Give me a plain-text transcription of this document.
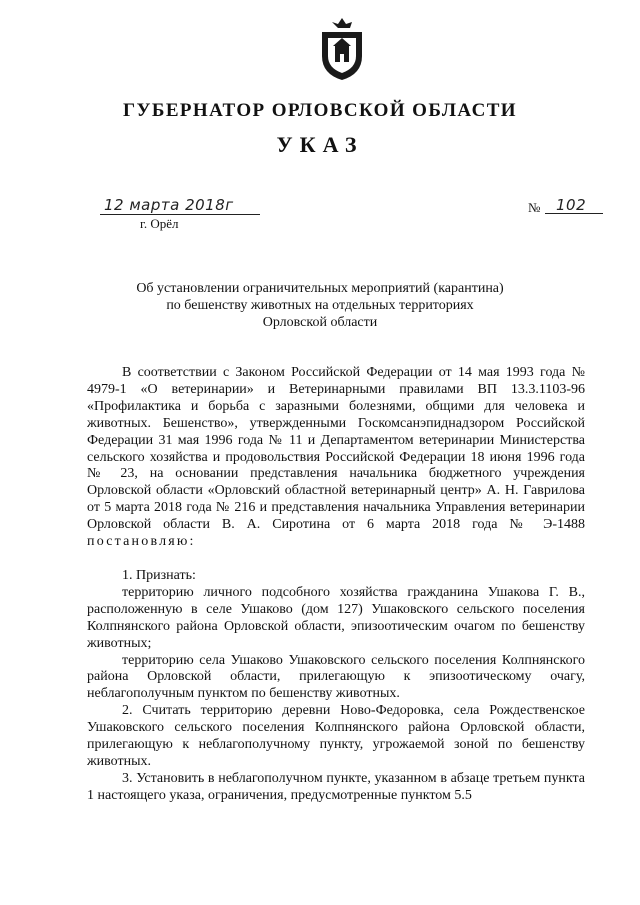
ГУБЕРНАТОР ОРЛОВСКОЙ ОБЛАСТИ
УКАЗ
12 марта 2018г
г. Орёл
№ 102
Об установлении ограничительных мероприятий (карантина)
по бешенству животных на отдельных территориях
Орловской области

В соответствии с Законом Российской Федерации от 14 мая 1993 года № 4979-1 «О ветеринарии» и Ветеринарными правилами ВП 13.3.1103-96 «Профилактика и борьба с заразными болезнями, общими для человека и животных. Бешенство», утвержденными Госкомсанэпиднадзором Российской Федерации 31 мая 1996 года № 11 и Департаментом ветеринарии Министерства сельского хозяйства и продовольствия Российской Федерации 18 июня 1996 года № 23, на основании представления начальника бюджетного учреждения Орловской области «Орловский областной ветеринарный центр» А. Н. Гаврилова от 5 марта 2018 года № 216 и представления начальника Управления ветеринарии Орловской области В. А. Сиротина от 6 марта 2018 года № Э-1488 постановляю:

1. Признать:

территорию личного подсобного хозяйства гражданина Ушакова Г. В., расположенную в селе Ушаково (дом 127) Ушаковского сельского поселения Колпнянского района Орловской области, эпизоотическим очагом по бешенству животных;

территорию села Ушаково Ушаковского сельского поселения Колпнянского района Орловской области, прилегающую к эпизоотическому очагу, неблагополучным пунктом по бешенству животных.

2. Считать территорию деревни Ново-Федоровка, села Рождественское Ушаковского сельского поселения Колпнянского района Орловской области, прилегающую к неблагополучному пункту, угрожаемой зоной по бешенству животных.

3. Установить в неблагополучном пункте, указанном в абзаце третьем пункта 1 настоящего указа, ограничения, предусмотренные пунктом 5.5
